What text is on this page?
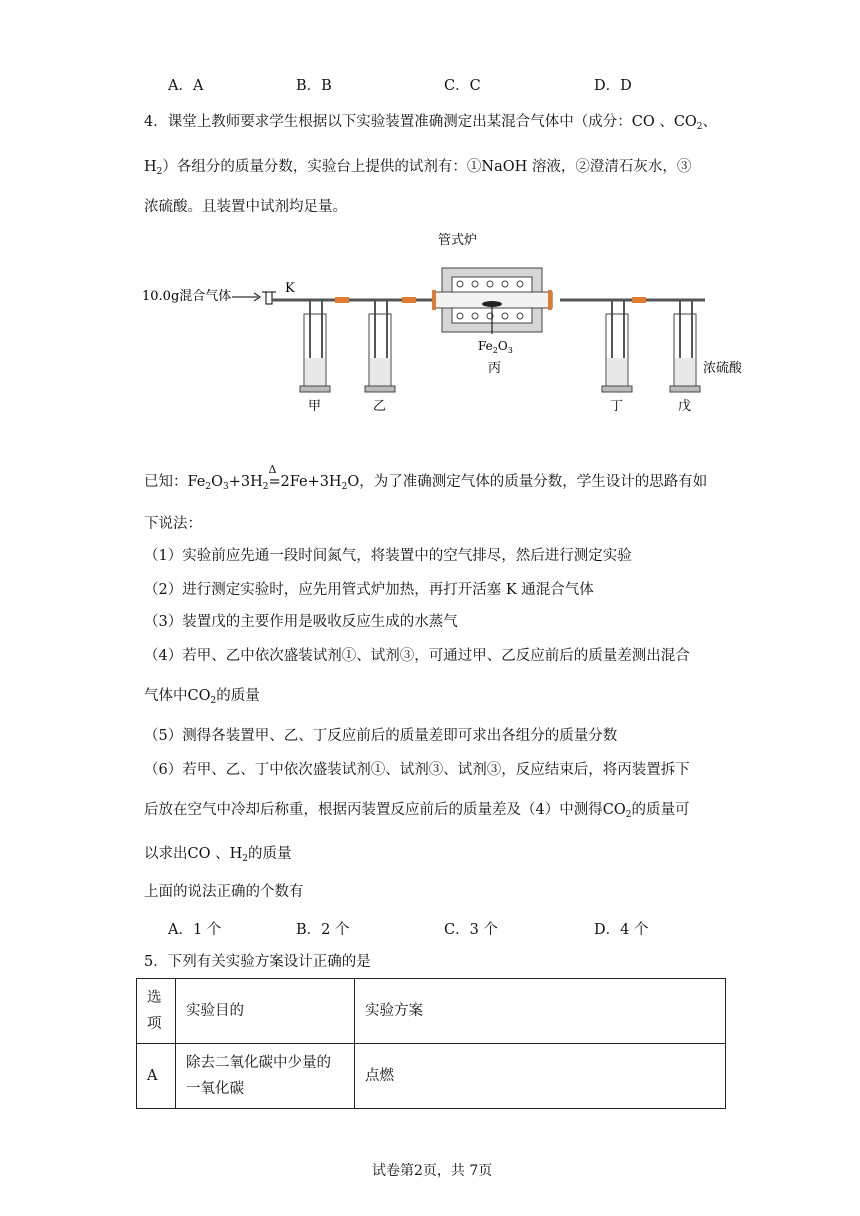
A．A	B．B	C．C	D．D
4．课堂上教师要求学生根据以下实验装置准确测定出某混合气体中（成分：CO 、$CO_2$、
$H_2$）各组分的质量分数，实验台上提供的试剂有：①NaOH 溶液，②澄清石灰水，③
浓硫酸。且装置中试剂均足量。
10.0g混合气体
K
管式炉
$Fe_2O_3$
丙
甲	乙	丁	戊
浓硫酸
已知：$Fe_2O_3+3H_2$
Δ
$=2Fe+3H_2O$，为了准确测定气体的质量分数，学生设计的思路有如
下说法：
（1）实验前应先通一段时间氮气，将装置中的空气排尽，然后进行测定实验
（2）进行测定实验时，应先用管式炉加热，再打开活塞 K 通混合气体
（3）装置戊的主要作用是吸收反应生成的水蒸气
（4）若甲、乙中依次盛装试剂①、试剂③，可通过甲、乙反应前后的质量差测出混合
气体中$CO_2$的质量
（5）测得各装置甲、乙、丁反应前后的质量差即可求出各组分的质量分数
（6）若甲、乙、丁中依次盛装试剂①、试剂③、试剂③，反应结束后，将丙装置拆下
后放在空气中冷却后称重，根据丙装置反应前后的质量差及（4）中测得$CO_2$的质量可
以求出CO 、$H_2$的质量
上面的说法正确的个数有
A．1 个	B．2 个	C．3 个	D．4 个
5．下列有关实验方案设计正确的是
选
项	实验目的	实验方案
A	除去二氧化碳中少量的
一氧化碳	点燃
试卷第2页，共 7页
